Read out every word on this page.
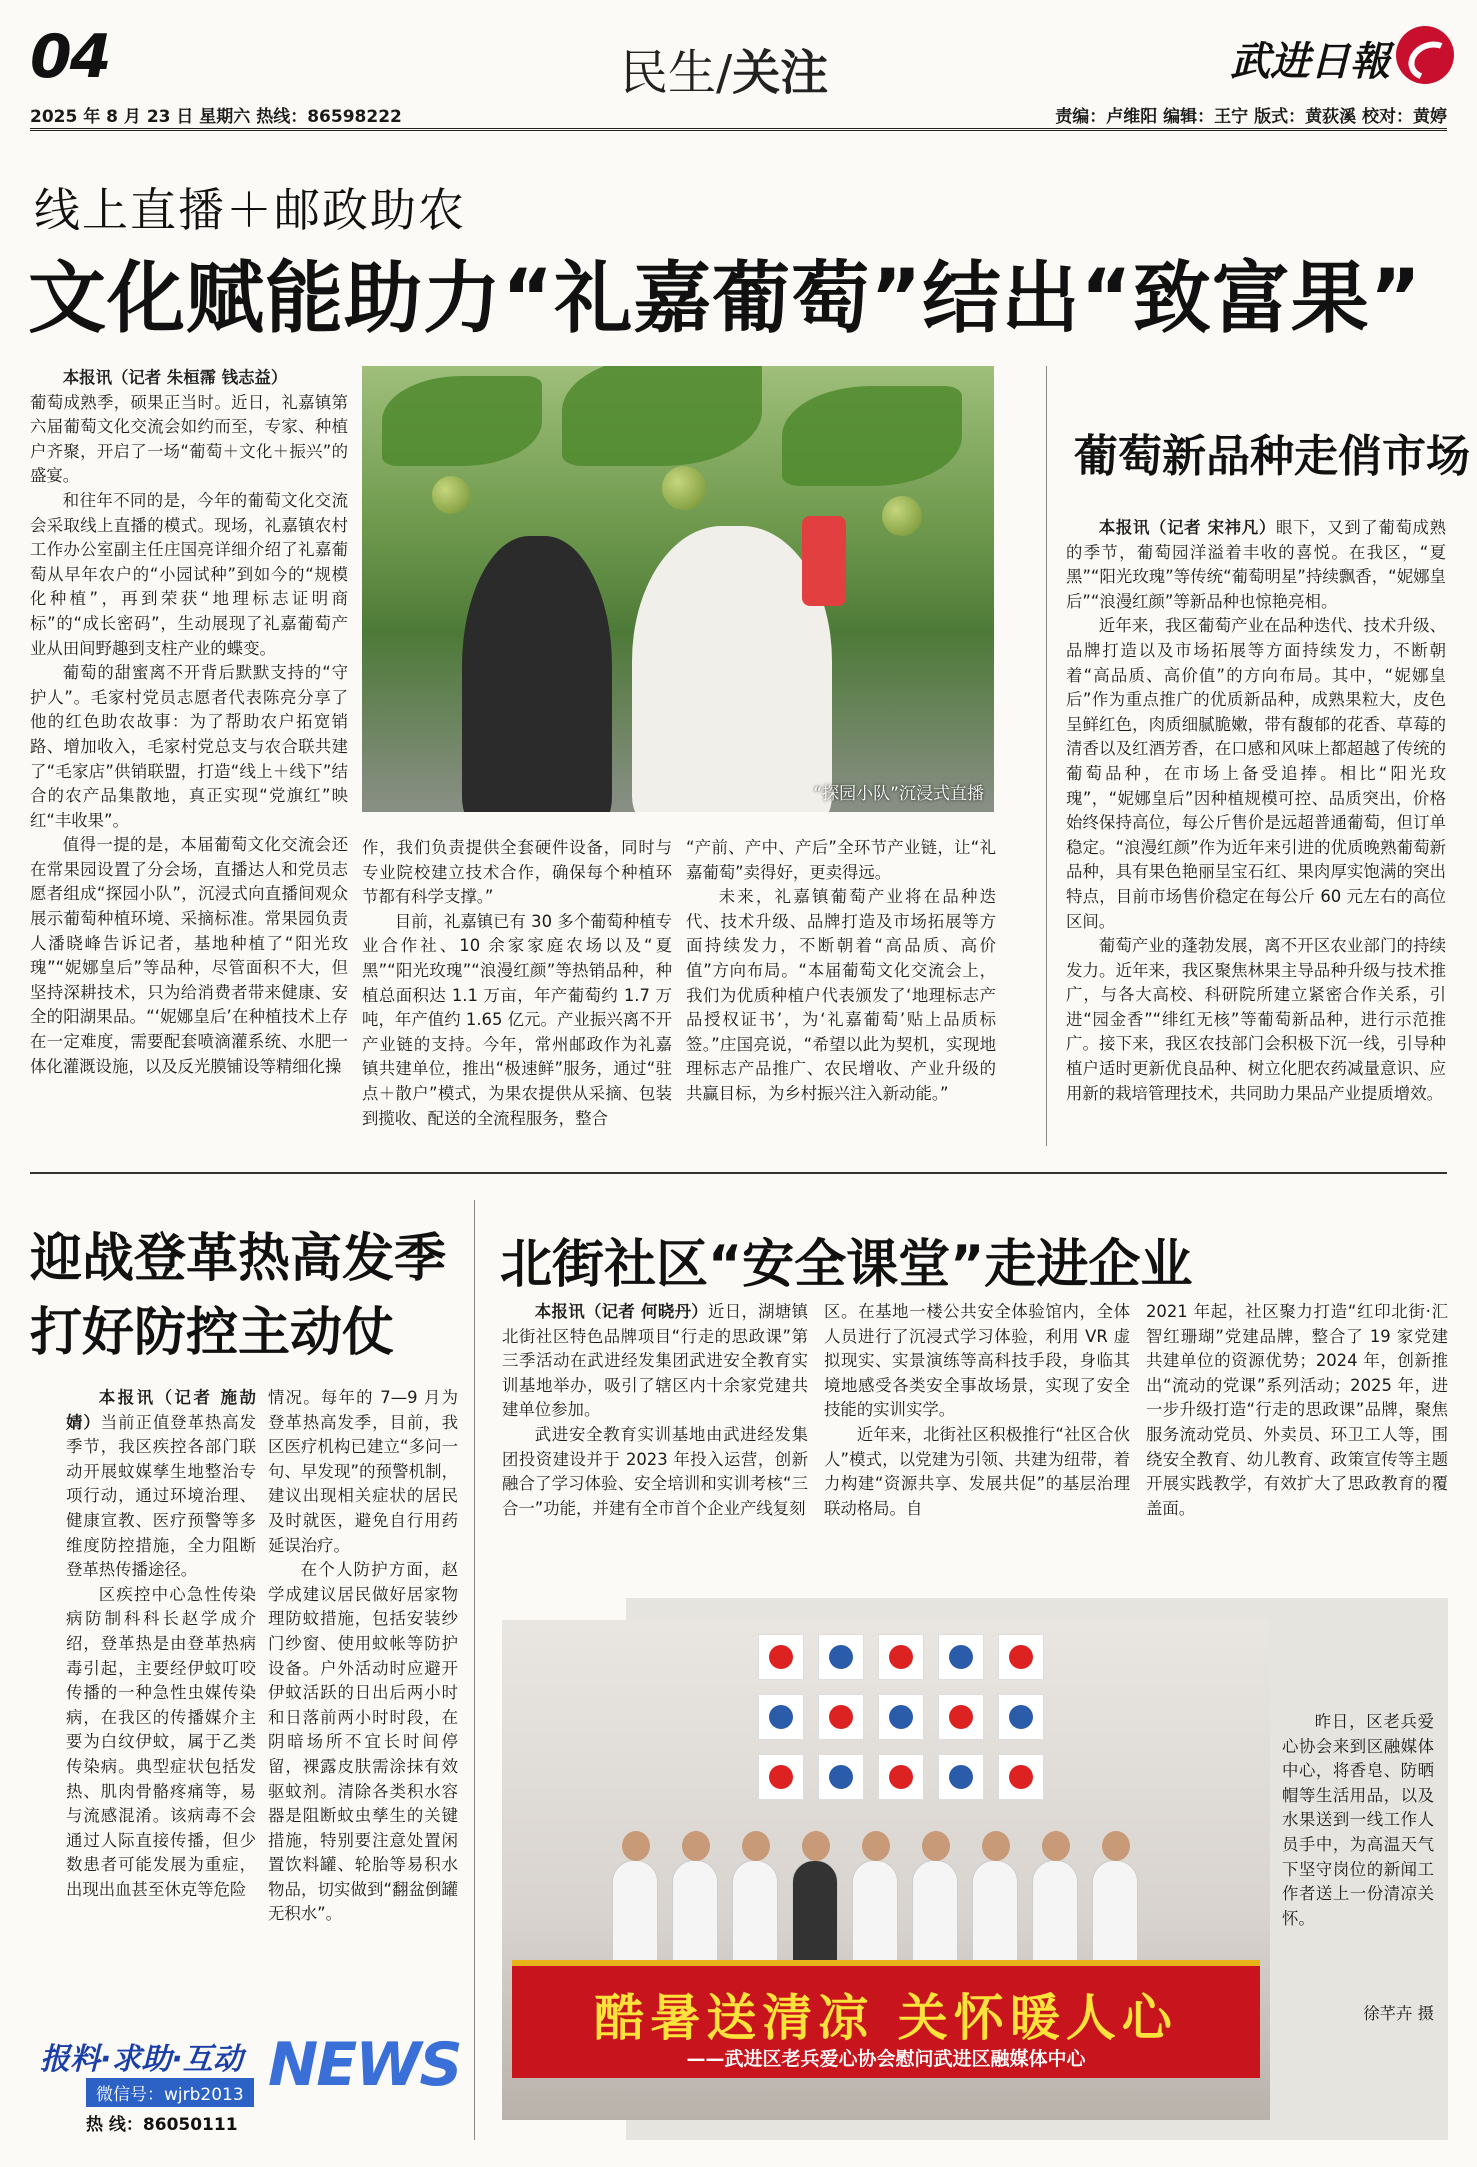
04	民生/关注	武进日報
2025 年 8 月 23 日 星期六 热线：86598222	责编：卢维阳 编辑：王宁 版式：黄荻溪 校对：黄婷
线上直播＋邮政助农
文化赋能助力“礼嘉葡萄”结出“致富果”

本报讯（记者 朱桓霈 钱志益）
葡萄成熟季，硕果正当时。近日，礼嘉镇第六届葡萄文化交流会如约而至，专家、种植户齐聚，开启了一场“葡萄＋文化＋振兴”的盛宴。

和往年不同的是，今年的葡萄文化交流会采取线上直播的模式。现场，礼嘉镇农村工作办公室副主任庄国亮详细介绍了礼嘉葡萄从早年农户的“小园试种”到如今的“规模化种植”，再到荣获“地理标志证明商标”的“成长密码”，生动展现了礼嘉葡萄产业从田间野趣到支柱产业的蝶变。

葡萄的甜蜜离不开背后默默支持的“守护人”。毛家村党员志愿者代表陈亮分享了他的红色助农故事：为了帮助农户拓宽销路、增加收入，毛家村党总支与农合联共建了“毛家店”供销联盟，打造“线上＋线下”结合的农产品集散地，真正实现“党旗红”映红“丰收果”。

值得一提的是，本届葡萄文化交流会还在常果园设置了分会场，直播达人和党员志愿者组成“探园小队”，沉浸式向直播间观众展示葡萄种植环境、采摘标准。常果园负责人潘晓峰告诉记者，基地种植了“阳光玫瑰”“妮娜皇后”等品种，尽管面积不大，但坚持深耕技术，只为给消费者带来健康、安全的阳湖果品。“‘妮娜皇后’在种植技术上存在一定难度，需要配套喷滴灌系统、水肥一体化灌溉设施，以及反光膜铺设等精细化操

“探园小队”沉浸式直播

作，我们负责提供全套硬件设备，同时与专业院校建立技术合作，确保每个种植环节都有科学支撑。”

目前，礼嘉镇已有 30 多个葡萄种植专业合作社、10 余家家庭农场以及“夏黑”“阳光玫瑰”“浪漫红颜”等热销品种，种植总面积达 1.1 万亩，年产葡萄约 1.7 万吨，年产值约 1.65 亿元。产业振兴离不开产业链的支持。今年，常州邮政作为礼嘉镇共建单位，推出“极速鲜”服务，通过“驻点＋散户”模式，为果农提供从采摘、包装到揽收、配送的全流程服务，整合

“产前、产中、产后”全环节产业链，让“礼嘉葡萄”卖得好，更卖得远。

未来，礼嘉镇葡萄产业将在品种迭代、技术升级、品牌打造及市场拓展等方面持续发力，不断朝着“高品质、高价值”方向布局。“本届葡萄文化交流会上，我们为优质种植户代表颁发了‘地理标志产品授权证书’，为‘礼嘉葡萄’贴上品质标签。”庄国亮说，“希望以此为契机，实现地理标志产品推广、农民增收、产业升级的共赢目标，为乡村振兴注入新动能。”

葡萄新品种走俏市场

本报讯（记者 宋祎凡）眼下，又到了葡萄成熟的季节，葡萄园洋溢着丰收的喜悦。在我区，“夏黑”“阳光玫瑰”等传统“葡萄明星”持续飘香，“妮娜皇后”“浪漫红颜”等新品种也惊艳亮相。

近年来，我区葡萄产业在品种迭代、技术升级、品牌打造以及市场拓展等方面持续发力，不断朝着“高品质、高价值”的方向布局。其中，“妮娜皇后”作为重点推广的优质新品种，成熟果粒大，皮色呈鲜红色，肉质细腻脆嫩，带有馥郁的花香、草莓的清香以及红酒芳香，在口感和风味上都超越了传统的葡萄品种，在市场上备受追捧。相比“阳光玫瑰”，“妮娜皇后”因种植规模可控、品质突出，价格始终保持高位，每公斤售价是远超普通葡萄，但订单稳定。“浪漫红颜”作为近年来引进的优质晚熟葡萄新品种，具有果色艳丽呈宝石红、果肉厚实饱满的突出特点，目前市场售价稳定在每公斤 60 元左右的高位区间。

葡萄产业的蓬勃发展，离不开区农业部门的持续发力。近年来，我区聚焦林果主导品种升级与技术推广，与各大高校、科研院所建立紧密合作关系，引进“园金香”“绯红无核”等葡萄新品种，进行示范推广。接下来，我区农技部门会积极下沉一线，引导种植户适时更新优良品种、树立化肥农药减量意识、应用新的栽培管理技术，共同助力果品产业提质增效。

迎战登革热高发季
打好防控主动仗

本报讯（记者 施劼婧）当前正值登革热高发季节，我区疾控各部门联动开展蚊媒孳生地整治专项行动，通过环境治理、健康宣教、医疗预警等多维度防控措施，全力阻断登革热传播途径。

区疾控中心急性传染病防制科科长赵学成介绍，登革热是由登革热病毒引起，主要经伊蚊叮咬传播的一种急性虫媒传染病，在我区的传播媒介主要为白纹伊蚊，属于乙类传染病。典型症状包括发热、肌肉骨骼疼痛等，易与流感混淆。该病毒不会通过人际直接传播，但少数患者可能发展为重症，出现出血甚至休克等危险

情况。每年的 7—9 月为登革热高发季，目前，我区医疗机构已建立“多问一句、早发现”的预警机制，建议出现相关症状的居民及时就医，避免自行用药延误治疗。

在个人防护方面，赵学成建议居民做好居家物理防蚊措施，包括安装纱门纱窗、使用蚊帐等防护设备。户外活动时应避开伊蚊活跃的日出后两小时和日落前两小时时段，在阴暗场所不宜长时间停留，裸露皮肤需涂抹有效驱蚊剂。清除各类积水容器是阻断蚊虫孳生的关键措施，特别要注意处置闲置饮料罐、轮胎等易积水物品，切实做到“翻盆倒罐无积水”。

北街社区“安全课堂”走进企业

本报讯（记者 何晓丹）近日，湖塘镇北街社区特色品牌项目“行走的思政课”第三季活动在武进经发集团武进安全教育实训基地举办，吸引了辖区内十余家党建共建单位参加。

武进安全教育实训基地由武进经发集团投资建设并于 2023 年投入运营，创新融合了学习体验、安全培训和实训考核“三合一”功能，并建有全市首个企业产线复刻

区。在基地一楼公共安全体验馆内，全体人员进行了沉浸式学习体验，利用 VR 虚拟现实、实景演练等高科技手段，身临其境地感受各类安全事故场景，实现了安全技能的实训实学。

近年来，北街社区积极推行“社区合伙人”模式，以党建为引领、共建为纽带，着力构建“资源共享、发展共促”的基层治理联动格局。自

2021 年起，社区聚力打造“红印北街·汇智红珊瑚”党建品牌，整合了 19 家党建共建单位的资源优势；2024 年，创新推出“流动的党课”系列活动；2025 年，进一步升级打造“行走的思政课”品牌，聚焦服务流动党员、外卖员、环卫工人等，围绕安全教育、幼儿教育、政策宣传等主题开展实践教学，有效扩大了思政教育的覆盖面。

酷暑送清凉 关怀暖人心
——武进区老兵爱心协会慰问武进区融媒体中心

昨日，区老兵爱心协会来到区融媒体中心，将香皂、防晒帽等生活用品，以及水果送到一线工作人员手中，为高温天气下坚守岗位的新闻工作者送上一份清凉关怀。

徐芊卉 摄
报料·求助·互动 NEWS
微信号：wjrb2013
热 线：86050111
